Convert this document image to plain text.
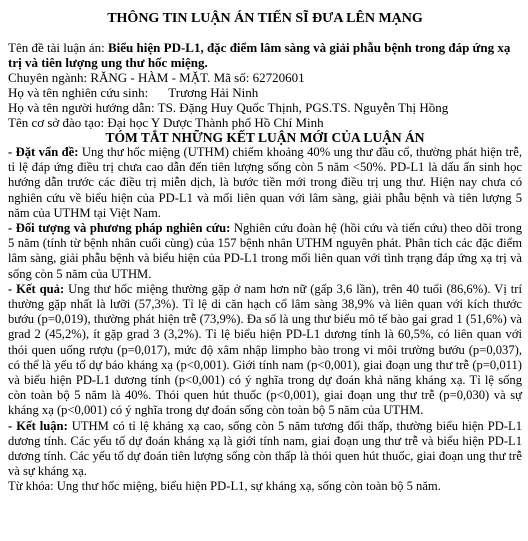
THÔNG TIN LUẬN ÁN TIẾN SĨ ĐƯA LÊN MẠNG
Tên đề tài luận án: Biểu hiện PD-L1, đặc điểm lâm sàng và giải phẫu bệnh trong đáp ứng xạ trị và tiên lượng ung thư hốc miệng.
Chuyên ngành: RĂNG - HÀM - MẶT. Mã số: 62720601
Họ và tên nghiên cứu sinh: Trương Hải Ninh
Họ và tên người hướng dẫn: TS. Đặng Huy Quốc Thịnh, PGS.TS. Nguyễn Thị Hồng
Tên cơ sở đào tạo: Đại học Y Dược Thành phố Hồ Chí Minh
TÓM TẮT NHỮNG KẾT LUẬN MỚI CỦA LUẬN ÁN

- Đặt vấn đề: Ung thư hốc miệng (UTHM) chiếm khoảng 40% ung thư đầu cổ, thường phát hiện trễ, tỉ lệ đáp ứng điều trị chưa cao dẫn đến tiên lượng sống còn 5 năm <50%. PD-L1 là dấu ấn sinh học hướng dẫn trước các điều trị miễn dịch, là bước tiền mới trong điều trị ung thư. Hiện nay chưa có nghiên cứu về biểu hiện của PD-L1 và mối liên quan với lâm sàng, giải phẫu bệnh và tiên lượng 5 năm của UTHM tại Việt Nam.

- Đối tượng và phương pháp nghiên cứu: Nghiên cứu đoàn hệ (hồi cứu và tiến cứu) theo dõi trong 5 năm (tính từ bệnh nhân cuối cùng) của 157 bệnh nhân UTHM nguyên phát. Phân tích các đặc điểm lâm sàng, giải phẫu bệnh và biểu hiện của PD-L1 trong mối liên quan với tình trạng đáp ứng xạ trị và sống còn 5 năm của UTHM.

- Kết quả: Ung thư hốc miệng thường gặp ở nam hơn nữ (gấp 3,6 lần), trên 40 tuổi (86,6%). Vị trí thường gặp nhất là lưỡi (57,3%). Tỉ lệ di căn hạch cổ lâm sàng 38,9% và liên quan với kích thước bướu (p=0,019), thường phát hiện trễ (73,9%). Đa số là ung thư biểu mô tế bào gai grad 1 (51,6%) và grad 2 (45,2%), ít gặp grad 3 (3,2%). Tỉ lệ biểu hiện PD-L1 dương tính là 60,5%, có liên quan với thói quen uống rượu (p=0,017), mức độ xâm nhập limpho bào trong vi môi trường bướu (p=0,037), có thể là yếu tố dự báo kháng xạ (p<0,001). Giới tính nam (p<0,001), giai đoạn ung thư trễ (p=0,011) và biểu hiện PD-L1 dương tính (p<0,001) có ý nghĩa trong dự đoán khả năng kháng xạ. Tỉ lệ sống còn toàn bộ 5 năm là 40%. Thói quen hút thuốc (p<0,001), giai đoạn ung thư trễ (p=0,030) và sự kháng xạ (p<0,001) có ý nghĩa trong dự đoán sống còn toàn bộ 5 năm của UTHM.

- Kết luận: UTHM có tỉ lệ kháng xạ cao, sống còn 5 năm tương đối thấp, thường biểu hiện PD-L1 dương tính. Các yếu tố dự đoán kháng xạ là giới tính nam, giai đoạn ung thư trễ và biểu hiện PD-L1 dương tính. Các yếu tố dự đoán tiên lượng sống còn thấp là thói quen hút thuốc, giai đoạn ung thư trễ và sự kháng xạ.

Từ khóa: Ung thư hốc miệng, biểu hiện PD-L1, sự kháng xạ, sống còn toàn bộ 5 năm.
